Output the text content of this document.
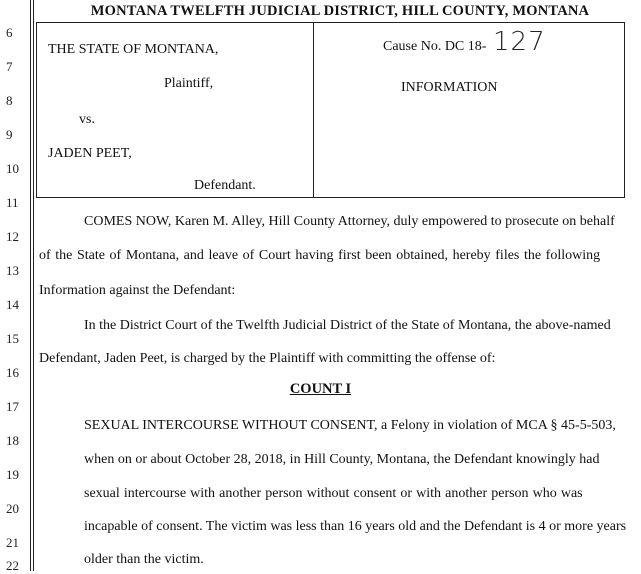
6
7
8
9
10
11
12
13
14
15
16
17
18
19
20
21
22
MONTANA TWELFTH JUDICIAL DISTRICT, HILL COUNTY, MONTANA
THE STATE OF MONTANA,
Plaintiff,
vs.
JADEN PEET,
Defendant.
Cause No. DC 18- 127
INFORMATION
COMES NOW, Karen M. Alley, Hill County Attorney, duly empowered to prosecute on behalf
of the State of Montana, and leave of Court having first been obtained, hereby files the following
Information against the Defendant:
In the District Court of the Twelfth Judicial District of the State of Montana, the above-named
Defendant, Jaden Peet, is charged by the Plaintiff with committing the offense of:
COUNT I
SEXUAL INTERCOURSE WITHOUT CONSENT, a Felony in violation of MCA § 45-5-503,
when on or about October 28, 2018, in Hill County, Montana, the Defendant knowingly had
sexual intercourse with another person without consent or with another person who was
incapable of consent. The victim was less than 16 years old and the Defendant is 4 or more years
older than the victim.
